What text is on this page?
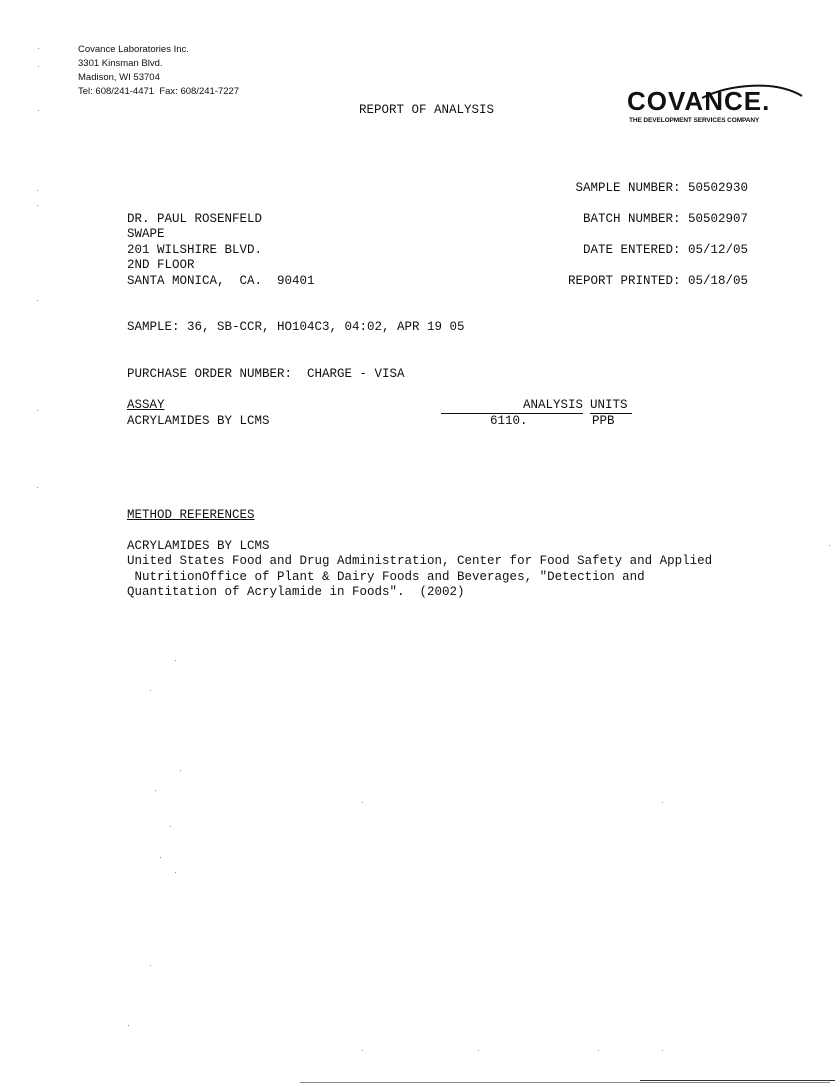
Covance Laboratories Inc.
3301 Kinsman Blvd.
Madison, WI 53704
Tel: 608/241-4471  Fax: 608/241-7227
REPORT OF ANALYSIS	COVANCE.
THE DEVELOPMENT SERVICES COMPANY
SAMPLE NUMBER: 50502930
BATCH NUMBER: 50502907
DATE ENTERED: 05/12/05
REPORT PRINTED: 05/18/05
DR. PAUL ROSENFELD
SWAPE
201 WILSHIRE BLVD.
2ND FLOOR
SANTA MONICA,  CA.  90401
SAMPLE: 36, SB-CCR, HO104C3, 04:02, APR 19 05
PURCHASE ORDER NUMBER:  CHARGE - VISA
ASSAY	ANALYSIS UNITS
ACRYLAMIDES BY LCMS	6110.	PPB
METHOD REFERENCES
ACRYLAMIDES BY LCMS
United States Food and Drug Administration, Center for Food Safety and Applied
NutritionOffice of Plant & Dairy Foods and Beverages, "Detection and
Quantitation of Acrylamide in Foods".  (2002)
